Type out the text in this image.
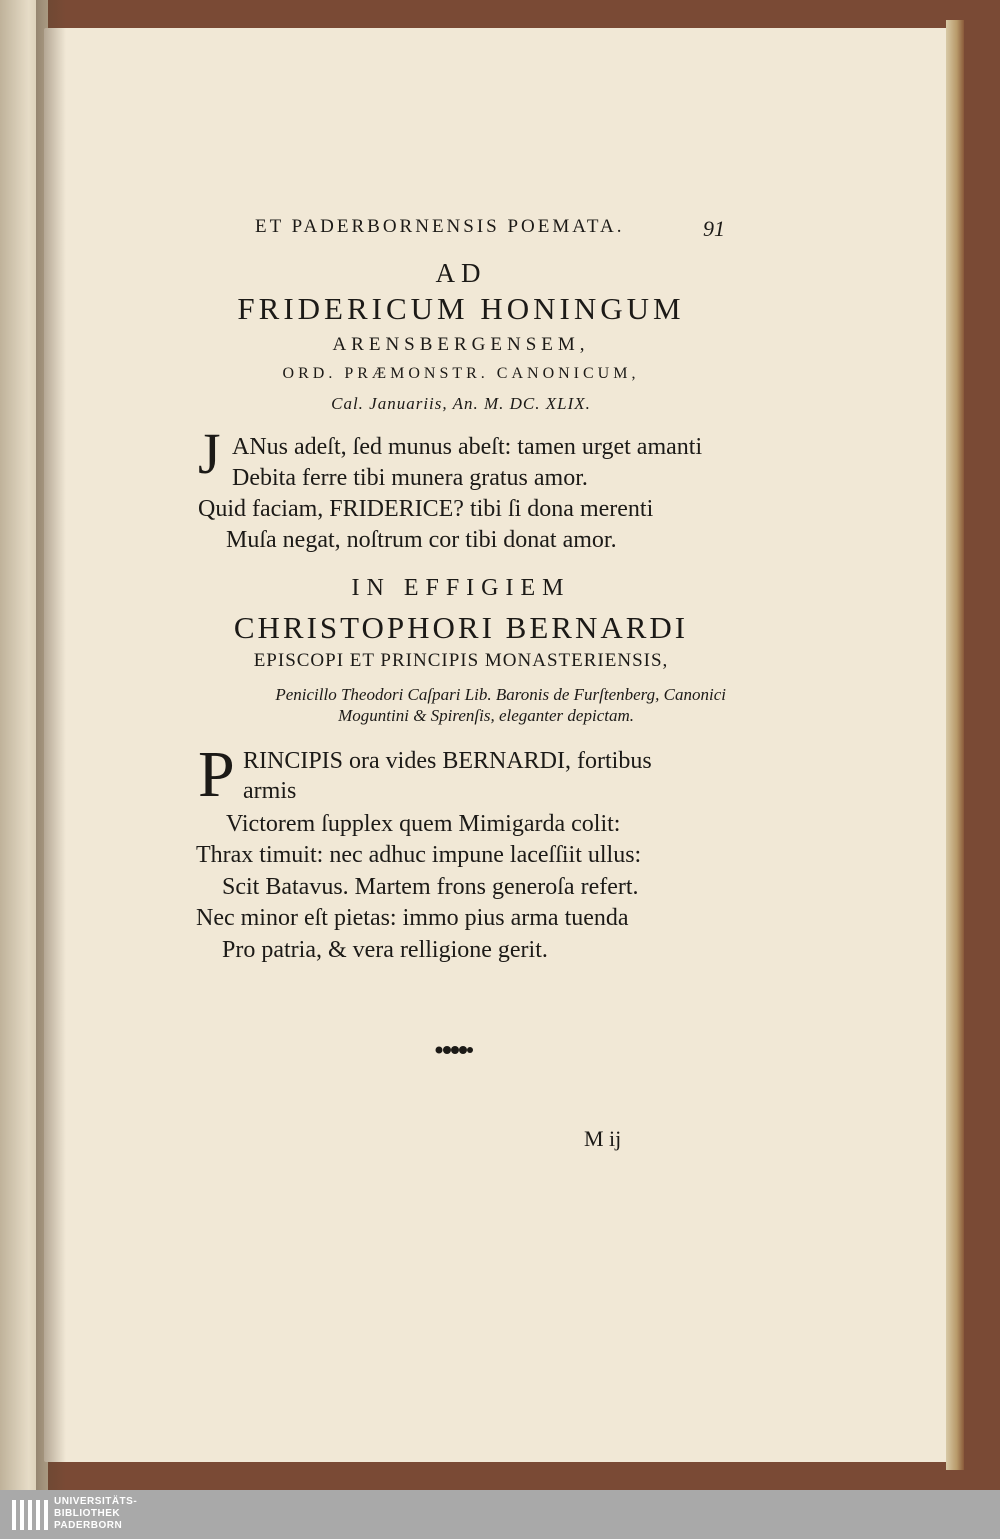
ET PADERBORNENSIS POEMATA.	91
AD
FRIDERICUM HONINGUM
ARENSBERGENSEM,
ORD. PRÆMONSTR. CANONICUM,
Cal. Januariis, An. M. DC. XLIX.
J ANus adeſt, ſed munus abeſt: tamen urget amanti
Debita ferre tibi munera gratus amor.
Quid faciam, FRIDERICE? tibi ſi dona merenti
Muſa negat, noſtrum cor tibi donat amor.
IN EFFIGIEM
CHRISTOPHORI BERNARDI
EPISCOPI ET PRINCIPIS MONASTERIENSIS,
Penicillo Theodori Caſpari Lib. Baronis de Furſtenberg, Canonici
Moguntini & Spirenſis, eleganter depictam.
P RINCIPIS ora vides BERNARDI, fortibus
armis
Victorem ſupplex quem Mimigarda colit:
Thrax timuit: nec adhuc impune laceſſiit ullus:
Scit Batavus. Martem frons generoſa refert.
Nec minor eſt pietas: immo pius arma tuenda
Pro patria, & vera relligione gerit.
M ij
UNIVERSITÄTS-
BIBLIOTHEK
PADERBORN
